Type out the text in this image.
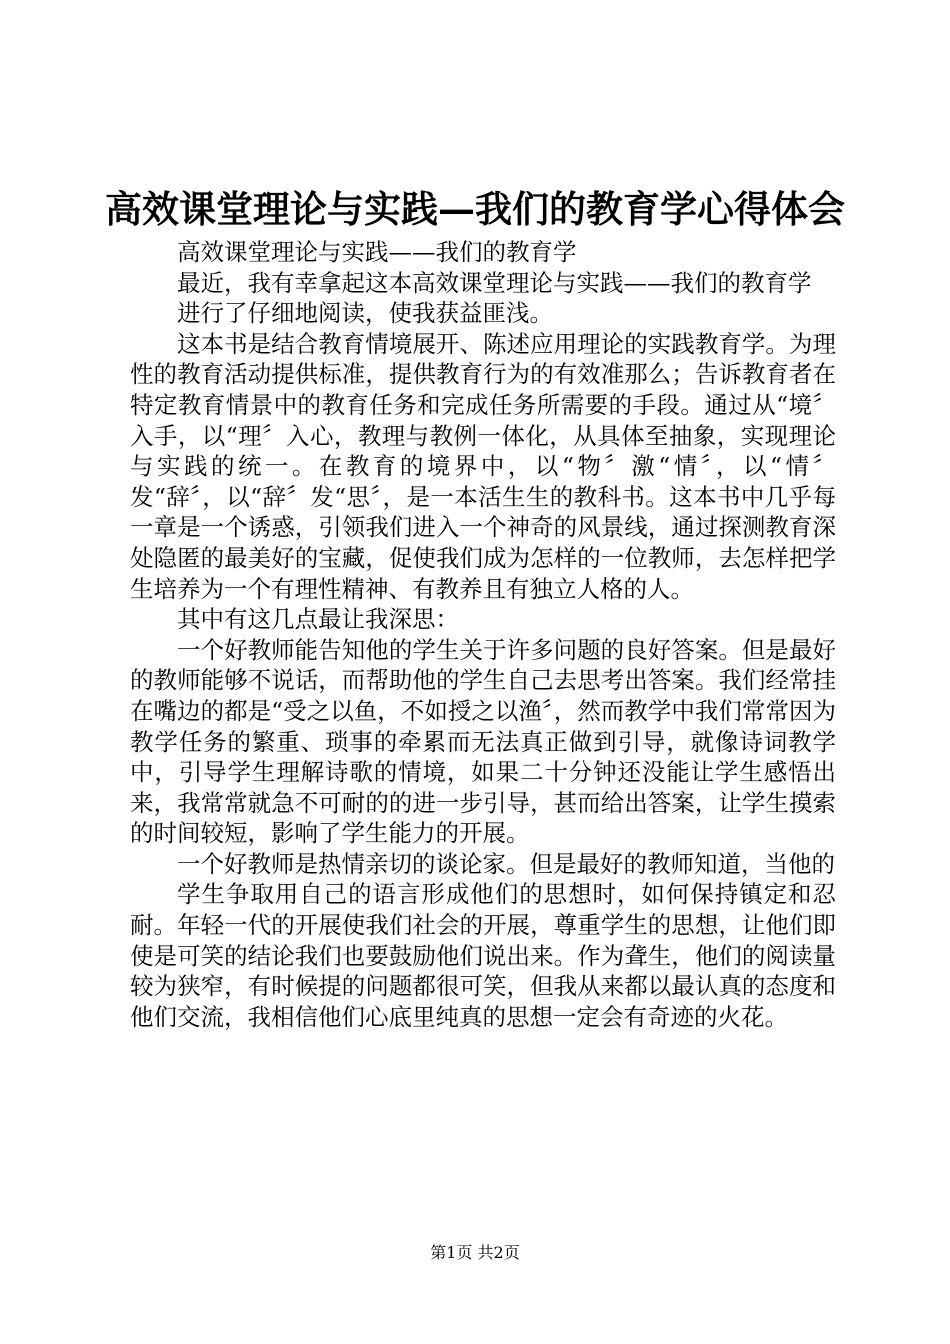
高效课堂理论与实践—我们的教育学心得体会

高效课堂理论与实践——我们的教育学

最近，我有幸拿起这本高效课堂理论与实践——我们的教育学

进行了仔细地阅读，使我获益匪浅。

这本书是结合教育情境展开、陈述应用理论的实践教育学。为理性的教育活动提供标准，提供教育行为的有效准那么；告诉教育者在特定教育情景中的教育任务和完成任务所需要的手段。通过从“境〞入手，以“理〞入心，教理与教例一体化，从具体至抽象，实现理论与实践的统一。在教育的境界中，以“物〞激“情〞，以“情〞发“辞〞，以“辞〞发“思〞，是一本活生生的教科书。这本书中几乎每一章是一个诱惑，引领我们进入一个神奇的风景线，通过探测教育深处隐匿的最美好的宝藏，促使我们成为怎样的一位教师，去怎样把学生培养为一个有理性精神、有教养且有独立人格的人。

其中有这几点最让我深思：

一个好教师能告知他的学生关于许多问题的良好答案。但是最好的教师能够不说话，而帮助他的学生自己去思考出答案。我们经常挂在嘴边的都是“受之以鱼，不如授之以渔〞，然而教学中我们常常因为教学任务的繁重、琐事的牵累而无法真正做到引导，就像诗词教学中，引导学生理解诗歌的情境，如果二十分钟还没能让学生感悟出来，我常常就急不可耐的的进一步引导，甚而给出答案，让学生摸索的时间较短，影响了学生能力的开展。

一个好教师是热情亲切的谈论家。但是最好的教师知道，当他的

学生争取用自己的语言形成他们的思想时，如何保持镇定和忍耐。年轻一代的开展使我们社会的开展，尊重学生的思想，让他们即使是可笑的结论我们也要鼓励他们说出来。作为聋生，他们的阅读量较为狭窄，有时候提的问题都很可笑，但我从来都以最认真的态度和他们交流，我相信他们心底里纯真的思想一定会有奇迹的火花。

第1页 共2页
